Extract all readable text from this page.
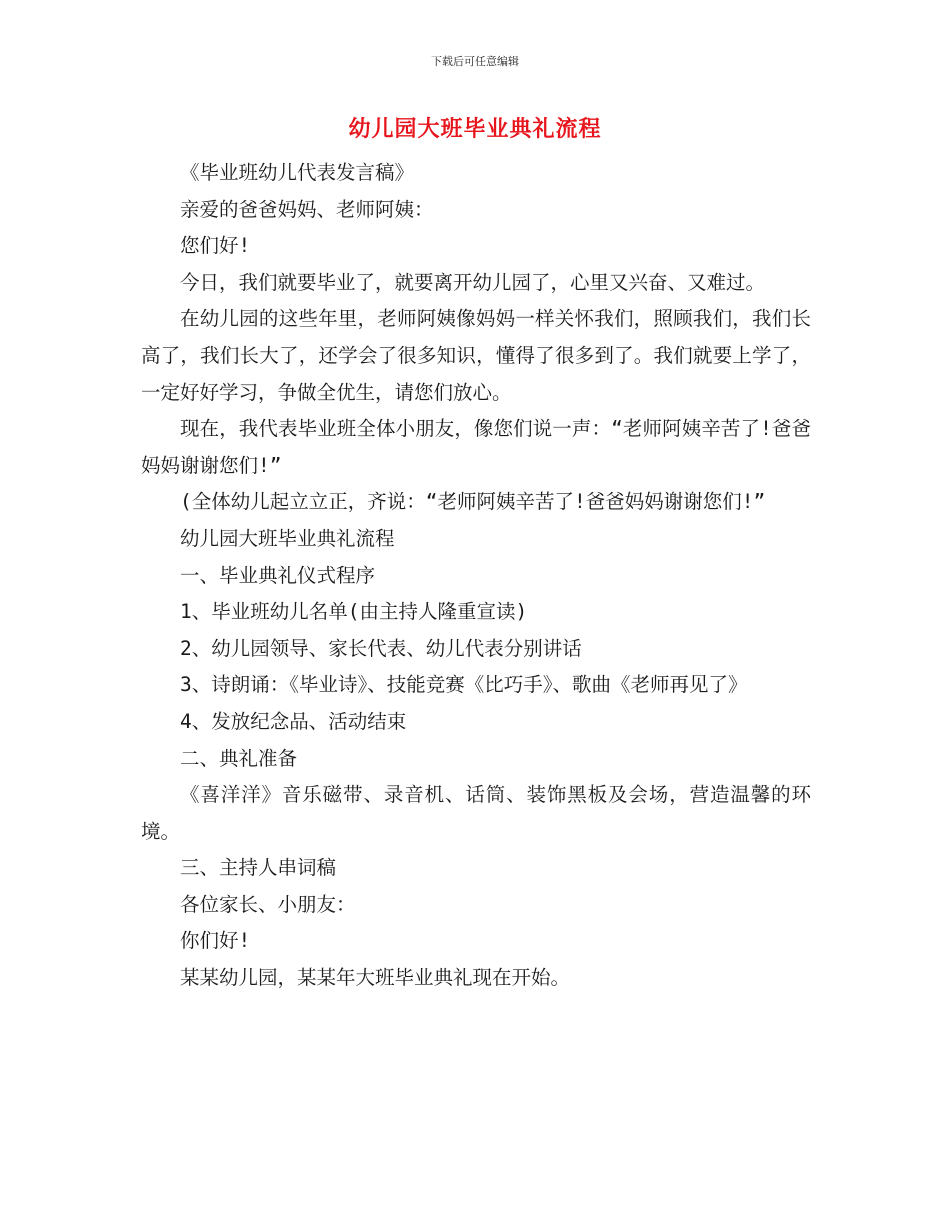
下载后可任意编辑
幼儿园大班毕业典礼流程

《毕业班幼儿代表发言稿》

亲爱的爸爸妈妈、老师阿姨：

您们好!

今日，我们就要毕业了，就要离开幼儿园了，心里又兴奋、又难过。

在幼儿园的这些年里，老师阿姨像妈妈一样关怀我们，照顾我们，我们长高了，我们长大了，还学会了很多知识，懂得了很多到了。我们就要上学了，一定好好学习，争做全优生，请您们放心。

现在，我代表毕业班全体小朋友，像您们说一声：“老师阿姨辛苦了!爸爸妈妈谢谢您们!”

(全体幼儿起立立正，齐说：“老师阿姨辛苦了!爸爸妈妈谢谢您们!”

幼儿园大班毕业典礼流程

一、毕业典礼仪式程序

1、毕业班幼儿名单(由主持人隆重宣读)

2、幼儿园领导、家长代表、幼儿代表分别讲话

3、诗朗诵：《毕业诗》、技能竞赛《比巧手》、歌曲《老师再见了》

4、发放纪念品、活动结束

二、典礼准备

《喜洋洋》音乐磁带、录音机、话筒、装饰黑板及会场，营造温馨的环境。

三、主持人串词稿

各位家长、小朋友：

你们好!

某某幼儿园，某某年大班毕业典礼现在开始。
